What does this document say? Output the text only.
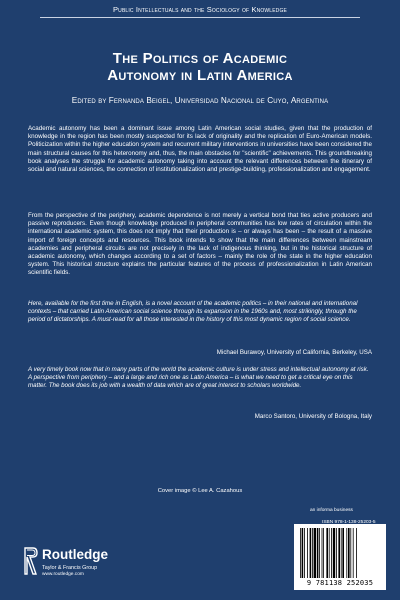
Public Intellectuals and the Sociology of Knowledge
The Politics of Academic
Autonomy in Latin America
Edited by Fernanda Beigel, Universidad Nacional de Cuyo, Argentina
Academic autonomy has been a dominant issue among Latin American social studies, given that the production of knowledge in the region has been mostly suspected for its lack of originality and the replication of Euro-American models. Politicization within the higher education system and recurrent military interventions in universities have been considered the main structural causes for this heteronomy and, thus, the main obstacles for "scientific" achievements. This groundbreaking book analyses the struggle for academic autonomy taking into account the relevant differences between the itinerary of social and natural sciences, the connection of institutionalization and prestige-building, professionalization and engagement.
From the perspective of the periphery, academic dependence is not merely a vertical bond that ties active producers and passive reproducers. Even though knowledge produced in peripheral communities has low rates of circulation within the international academic system, this does not imply that their production is – or always has been – the result of a massive import of foreign concepts and resources. This book intends to show that the main differences between mainstream academies and peripheral circuits are not precisely in the lack of indigenous thinking, but in the historical structure of academic autonomy, which changes according to a set of factors – mainly the role of the state in the higher education system. This historical structure explains the particular features of the process of professionalization in Latin American scientific fields.
Here, available for the first time in English, is a novel account of the academic politics – in their national and international contexts – that carried Latin American social science through its expansion in the 1960s and, most strikingly, through the period of dictatorships. A must-read for all those interested in the history of this most dynamic region of social science.
Michael Burawoy, University of California, Berkeley, USA
A very timely book now that in many parts of the world the academic culture is under stress and intellectual autonomy at risk. A perspective from periphery – and a large and rich one as Latin America – is what we need to get a critical eye on this matter. The book does its job with a wealth of data which are of great interest to scholars worldwide.
Marco Santoro, University of Bologna, Italy
Cover image © Lee A. Cazahous
Routledge
Taylor & Francis Group
www.routledge.com
an informa business
9 781138 252035
ISBN 978-1-138-25203-5
